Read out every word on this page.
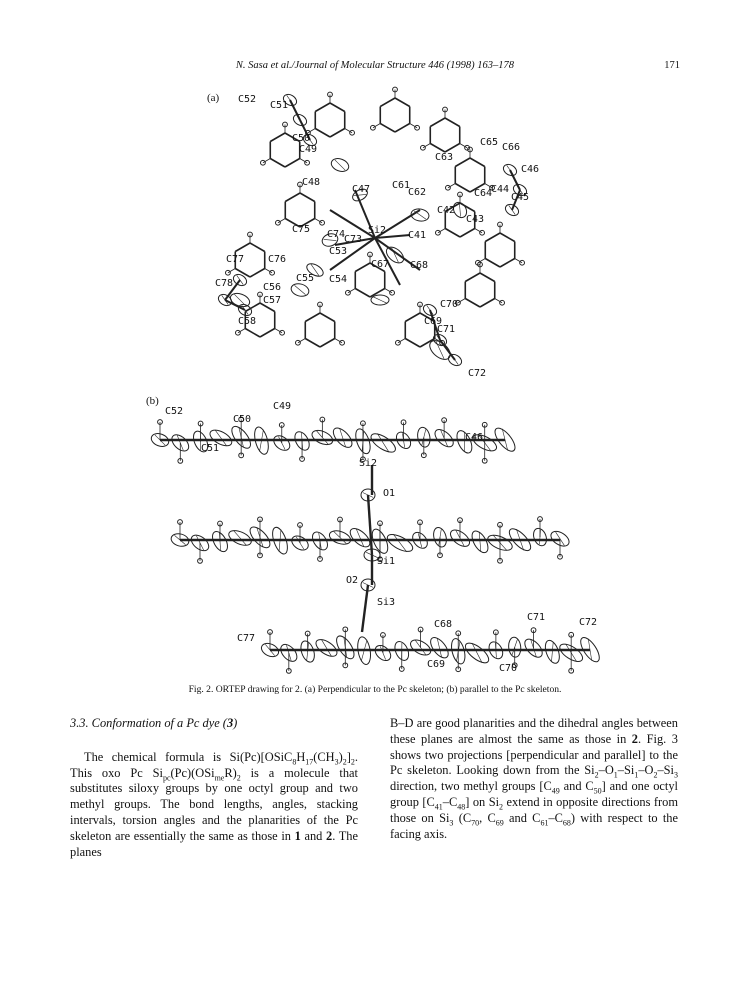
N. Sasa et al./Journal of Molecular Structure 446 (1998) 163–178	171
(a)
(b)
C52
C51
C50
C49
C48
C47 C61
C62
C63
C65 C66
C46
C64
C44
C45
C42
C43
C41
Si2
C74
C75
C73
C53
C67 C68
C54
C55
C56
C57
C58
C78
C77 C76
C70
C69
C71
C72
C52
C50
C49
C51
C46
Si2
O1
Si1
O2
Si3
C77
C68
C71	C72
C69	C70
Fig. 2. ORTEP drawing for 2. (a) Perpendicular to the Pc skeleton; (b) parallel to the Pc skeleton.

3.3. Conformation of a Pc dye (3)

The chemical formula is $Si(Pc)[OSiC_8H_{17}(CH_3)_2]_2$. This oxo Pc $Si_{pc}(Pc)(OSi_{me}R)_2$ is a molecule that substitutes siloxy groups by one octyl group and two methyl groups. The bond lengths, angles, stacking intervals, torsion angles and the planarities of the Pc skeleton are essentially the same as those in 1 and 2. The planes

B–D are good planarities and the dihedral angles between these planes are almost the same as those in 2. Fig. 3 shows two projections [perpendicular and parallel] to the Pc skeleton. Looking down from the $Si_2-O_1-Si_1-O_2-Si_3$ direction, two methyl groups [$C_{49}$ and $C_{50}$] and one octyl group $[C_{41}-C_{48}]$ on $Si_2$ extend in opposite directions from those on $Si_3$ ($C_{70}$, $C_{69}$ and $C_{61}-C_{68}$) with respect to the facing axis.
